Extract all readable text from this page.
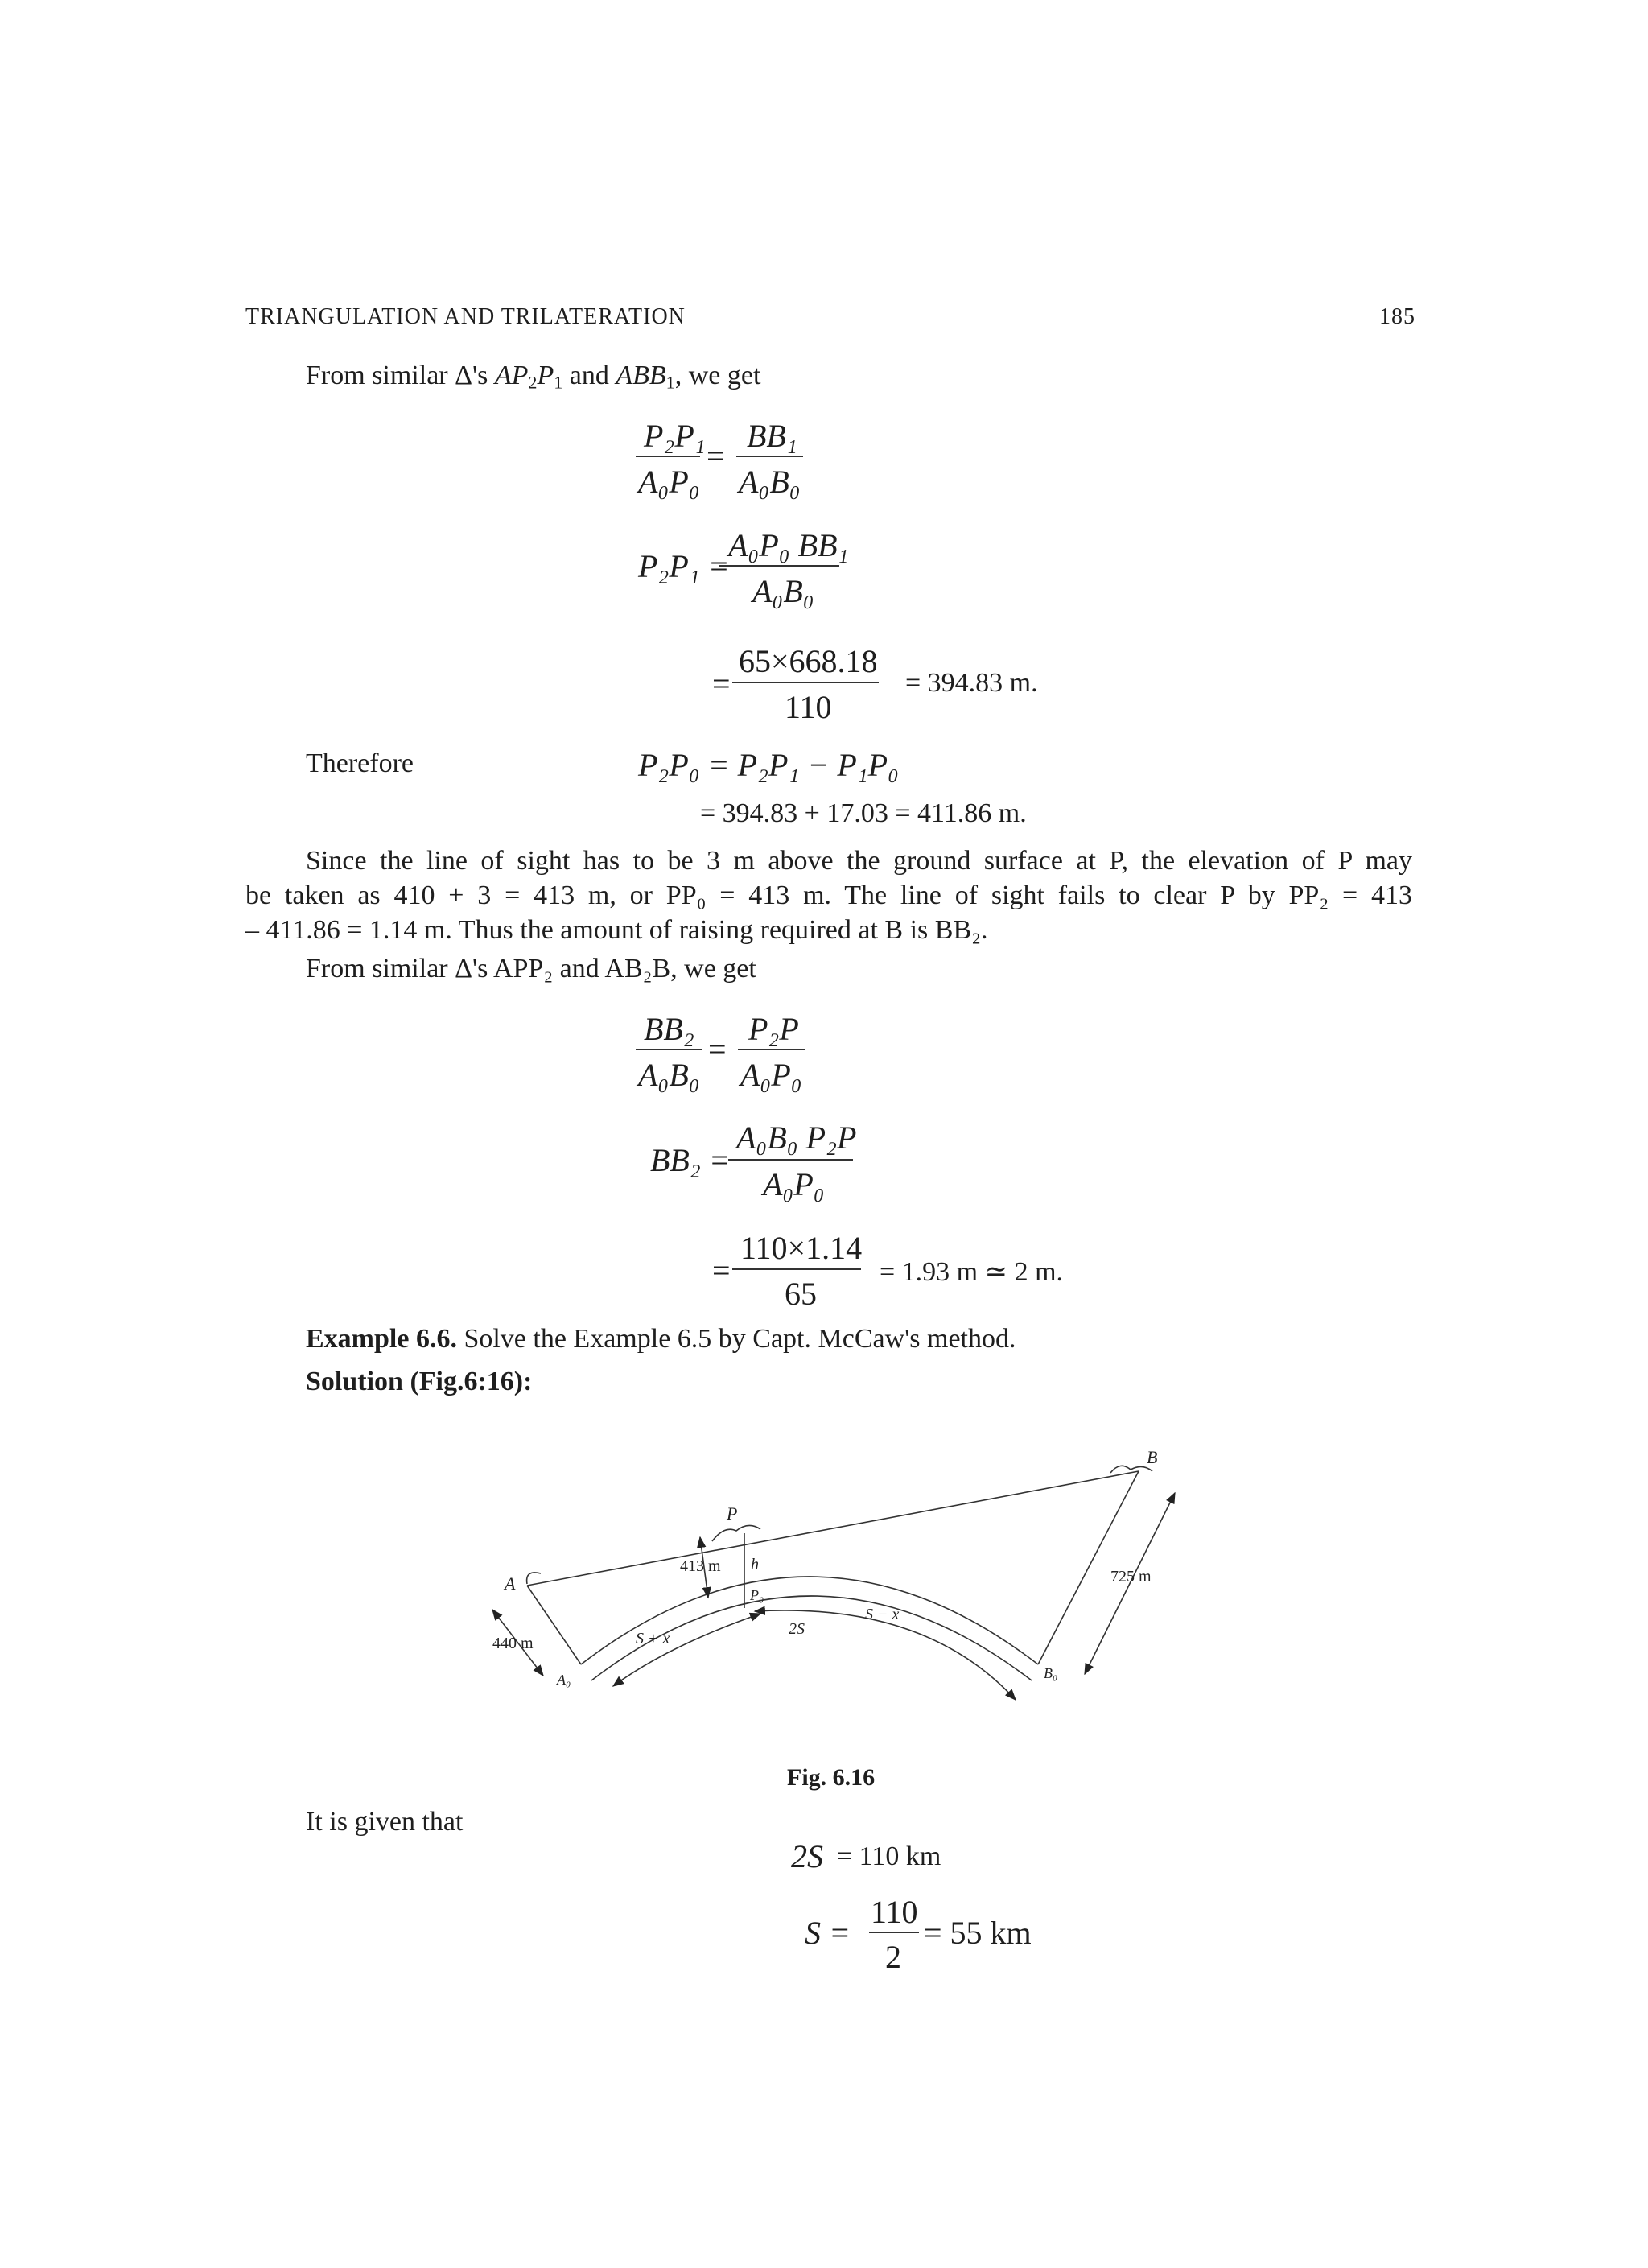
TRIANGULATION AND TRILATERATION	185
From similar Δ's $AP_2P_1$ and $ABB_1$, we get
P₂P₁
A₀P₀
=
BB₁
A₀B₀
P₂P₁ =
A₀P₀ BB₁
A₀B₀
=
65×668.18
110
= 394.83 m.
Therefore	P₂P₀ = P₂P₁ − P₁P₀
= 394.83 + 17.03 = 411.86 m.
Since the line of sight has to be 3 m above the ground surface at P, the elevation of P may
be taken as 410 + 3 = 413 m, or PP₀ = 413 m. The line of sight fails to clear P by PP₂ = 413
– 411.86 = 1.14 m. Thus the amount of raising required at B is BB₂.
From similar Δ's APP₂ and AB₂B, we get
BB₂
A₀B₀
=
P₂P
A₀P₀
BB₂ =
A₀B₀ P₂P
A₀P₀
=
110×1.14
65
= 1.93 m ≃ 2 m.
Example 6.6. Solve the Example 6.5 by Capt. McCaw's method.
Solution (Fig.6:16):
A
B
P
A₀	B₀
P₀
h
S + x
2S
S − x
413 m
440 m
725 m
Fig. 6.16
It is given that
2S = 110 km
S =
110
2
= 55 km
